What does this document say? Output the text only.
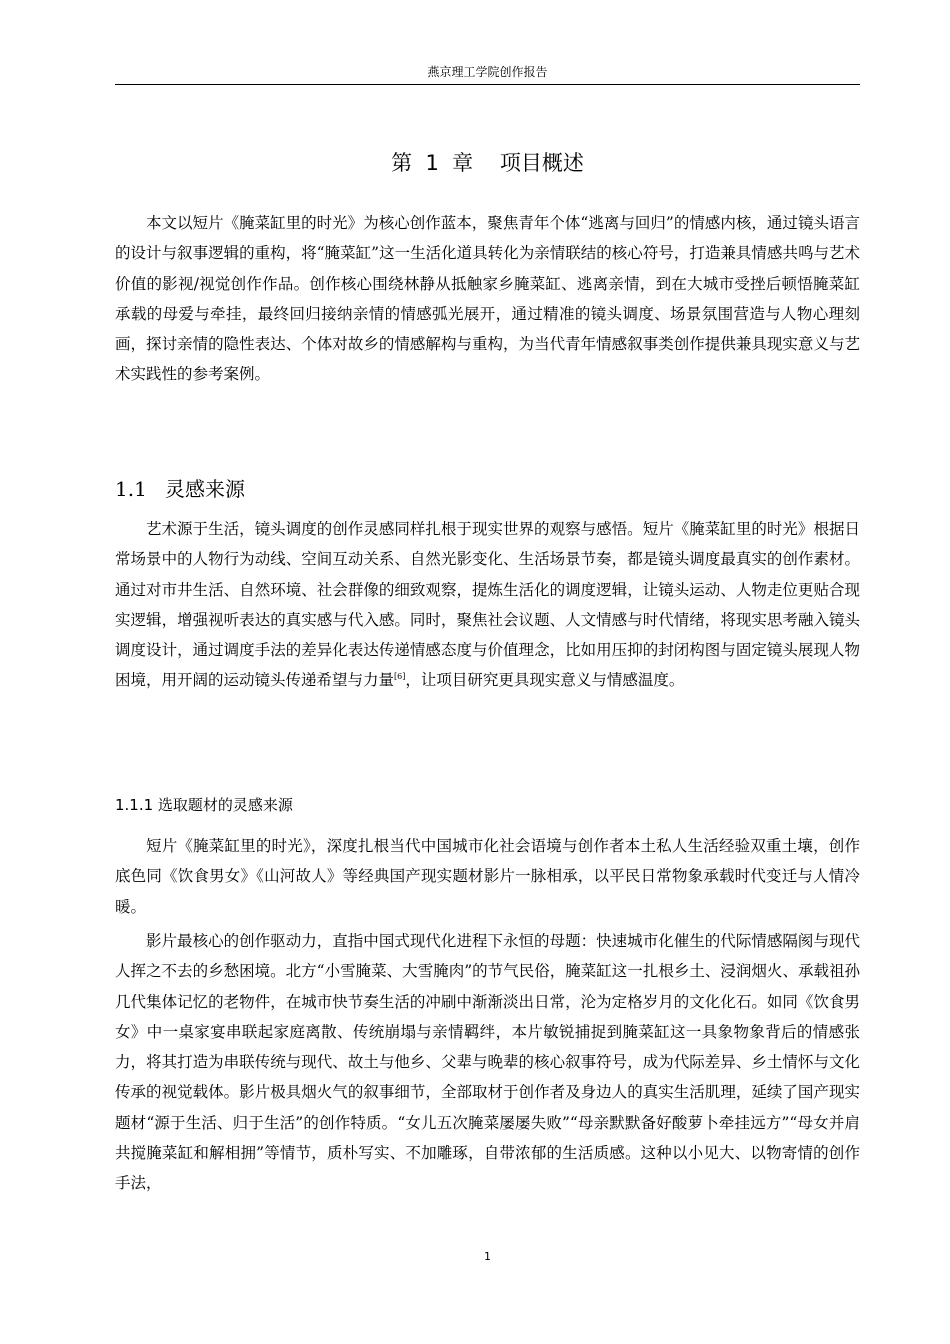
燕京理工学院创作报告
第  1  章    项目概述

本文以短片《腌菜缸里的时光》为核心创作蓝本，聚焦青年个体“逃离与回归”的情感内核，通过镜头语言的设计与叙事逻辑的重构，将“腌菜缸”这一生活化道具转化为亲情联结的核心符号，打造兼具情感共鸣与艺术价值的影视/视觉创作作品。创作核心围绕林静从抵触家乡腌菜缸、逃离亲情，到在大城市受挫后顿悟腌菜缸承载的母爱与牵挂，最终回归接纳亲情的情感弧光展开，通过精准的镜头调度、场景氛围营造与人物心理刻画，探讨亲情的隐性表达、个体对故乡的情感解构与重构，为当代青年情感叙事类创作提供兼具现实意义与艺术实践性的参考案例。

1.1 灵感来源

艺术源于生活，镜头调度的创作灵感同样扎根于现实世界的观察与感悟。短片《腌菜缸里的时光》根据日常场景中的人物行为动线、空间互动关系、自然光影变化、生活场景节奏，都是镜头调度最真实的创作素材。通过对市井生活、自然环境、社会群像的细致观察，提炼生活化的调度逻辑，让镜头运动、人物走位更贴合现实逻辑，增强视听表达的真实感与代入感。同时，聚焦社会议题、人文情感与时代情绪，将现实思考融入镜头调度设计，通过调度手法的差异化表达传递情感态度与价值理念，比如用压抑的封闭构图与固定镜头展现人物困境，用开阔的运动镜头传递希望与力量[6]，让项目研究更具现实意义与情感温度。

1.1.1 选取题材的灵感来源

短片《腌菜缸里的时光》，深度扎根当代中国城市化社会语境与创作者本土私人生活经验双重土壤，创作底色同《饮食男女》《山河故人》等经典国产现实题材影片一脉相承，以平民日常物象承载时代变迁与人情冷暖。

影片最核心的创作驱动力，直指中国式现代化进程下永恒的母题：快速城市化催生的代际情感隔阂与现代人挥之不去的乡愁困境。北方“小雪腌菜、大雪腌肉”的节气民俗，腌菜缸这一扎根乡土、浸润烟火、承载祖孙几代集体记忆的老物件，在城市快节奏生活的冲刷中渐渐淡出日常，沦为定格岁月的文化化石。如同《饮食男女》中一桌家宴串联起家庭离散、传统崩塌与亲情羁绊，本片敏锐捕捉到腌菜缸这一具象物象背后的情感张力，将其打造为串联传统与现代、故土与他乡、父辈与晚辈的核心叙事符号，成为代际差异、乡土情怀与文化传承的视觉载体。影片极具烟火气的叙事细节，全部取材于创作者及身边人的真实生活肌理，延续了国产现实题材“源于生活、归于生活”的创作特质。“女儿五次腌菜屡屡失败”“母亲默默备好酸萝卜牵挂远方”“母女并肩共搅腌菜缸和解相拥”等情节，质朴写实、不加雕琢，自带浓郁的生活质感。这种以小见大、以物寄情的创作手法，

1
